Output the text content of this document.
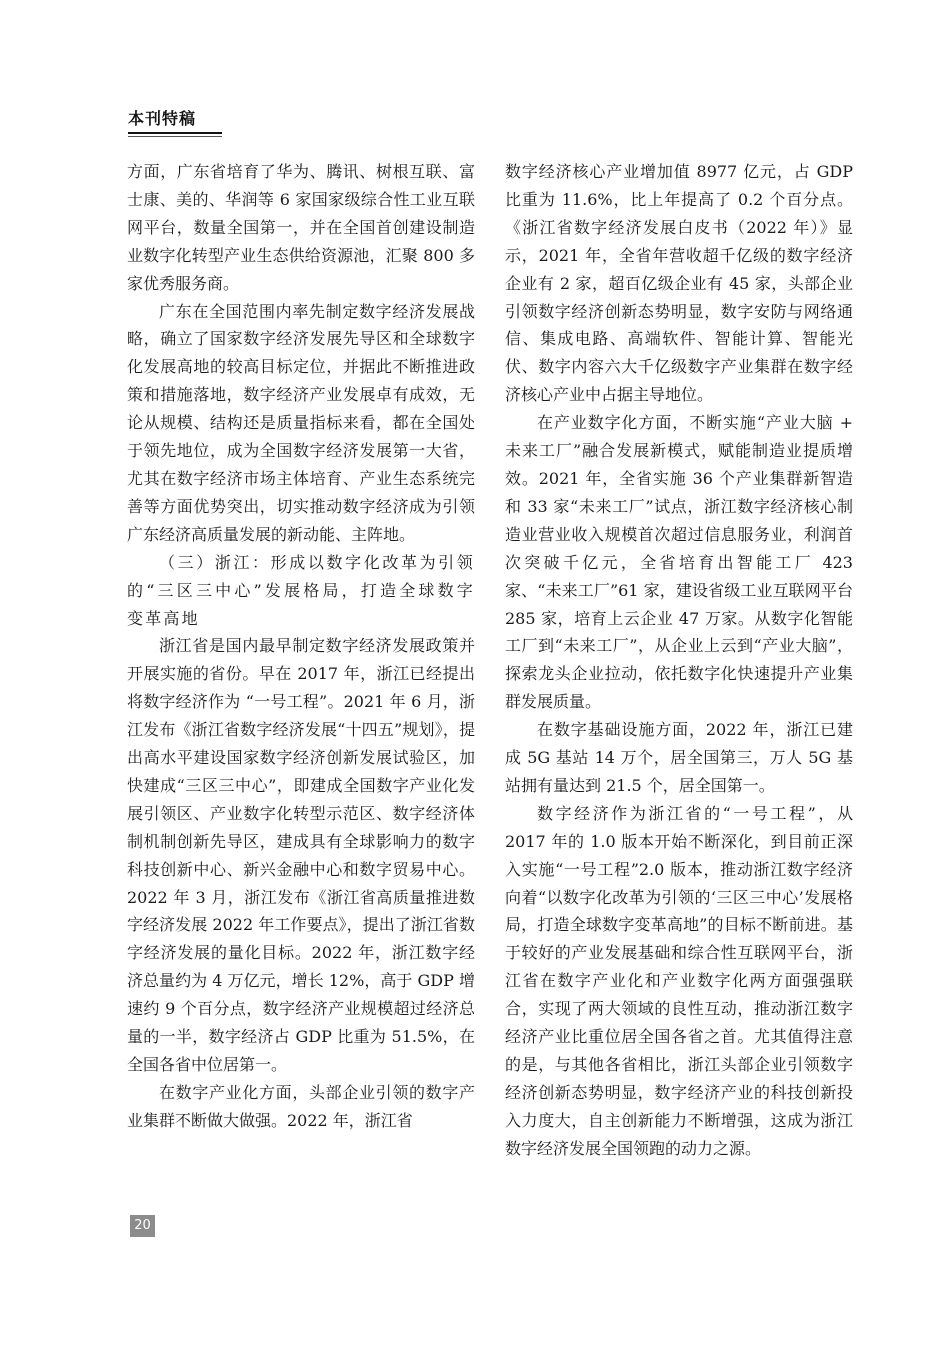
本刊特稿

方面，广东省培育了华为、腾讯、树根互联、富士康、美的、华润等 6 家国家级综合性工业互联网平台，数量全国第一，并在全国首创建设制造业数字化转型产业生态供给资源池，汇聚 800 多家优秀服务商。

广东在全国范围内率先制定数字经济发展战略，确立了国家数字经济发展先导区和全球数字化发展高地的较高目标定位，并据此不断推进政策和措施落地，数字经济产业发展卓有成效，无论从规模、结构还是质量指标来看，都在全国处于领先地位，成为全国数字经济发展第一大省，尤其在数字经济市场主体培育、产业生态系统完善等方面优势突出，切实推动数字经济成为引领广东经济高质量发展的新动能、主阵地。

（三）浙江：形成以数字化改革为引领的“三区三中心”发展格局，打造全球数字变革高地

浙江省是国内最早制定数字经济发展政策并开展实施的省份。早在 2017 年，浙江已经提出将数字经济作为 “一号工程”。2021 年 6 月，浙江发布《浙江省数字经济发展“十四五”规划》，提出高水平建设国家数字经济创新发展试验区，加快建成“三区三中心”，即建成全国数字产业化发展引领区、产业数字化转型示范区、数字经济体制机制创新先导区，建成具有全球影响力的数字科技创新中心、新兴金融中心和数字贸易中心。2022 年 3 月，浙江发布《浙江省高质量推进数字经济发展 2022 年工作要点》，提出了浙江省数字经济发展的量化目标。2022 年，浙江数字经济总量约为 4 万亿元，增长 12%，高于 GDP 增速约 9 个百分点，数字经济产业规模超过经济总量的一半，数字经济占 GDP 比重为 51.5%，在全国各省中位居第一。

在数字产业化方面，头部企业引领的数字产业集群不断做大做强。2022 年，浙江省

数字经济核心产业增加值 8977 亿元，占 GDP 比重为 11.6%，比上年提高了 0.2 个百分点。《浙江省数字经济发展白皮书（2022 年）》显示，2021 年，全省年营收超千亿级的数字经济企业有 2 家，超百亿级企业有 45 家，头部企业引领数字经济创新态势明显，数字安防与网络通信、集成电路、高端软件、智能计算、智能光伏、数字内容六大千亿级数字产业集群在数字经济核心产业中占据主导地位。

在产业数字化方面，不断实施“产业大脑 + 未来工厂”融合发展新模式，赋能制造业提质增效。2021 年，全省实施 36 个产业集群新智造和 33 家“未来工厂”试点，浙江数字经济核心制造业营业收入规模首次超过信息服务业，利润首次突破千亿元，全省培育出智能工厂 423 家、“未来工厂”61 家，建设省级工业互联网平台 285 家，培育上云企业 47 万家。从数字化智能工厂到“未来工厂”，从企业上云到“产业大脑”，探索龙头企业拉动，依托数字化快速提升产业集群发展质量。

在数字基础设施方面，2022 年，浙江已建成 5G 基站 14 万个，居全国第三，万人 5G 基站拥有量达到 21.5 个，居全国第一。

数字经济作为浙江省的“一号工程”，从 2017 年的 1.0 版本开始不断深化，到目前正深入实施“一号工程”2.0 版本，推动浙江数字经济向着“以数字化改革为引领的‘三区三中心’发展格局，打造全球数字变革高地”的目标不断前进。基于较好的产业发展基础和综合性互联网平台，浙江省在数字产业化和产业数字化两方面强强联合，实现了两大领域的良性互动，推动浙江数字经济产业比重位居全国各省之首。尤其值得注意的是，与其他各省相比，浙江头部企业引领数字经济创新态势明显，数字经济产业的科技创新投入力度大，自主创新能力不断增强，这成为浙江数字经济发展全国领跑的动力之源。

20
